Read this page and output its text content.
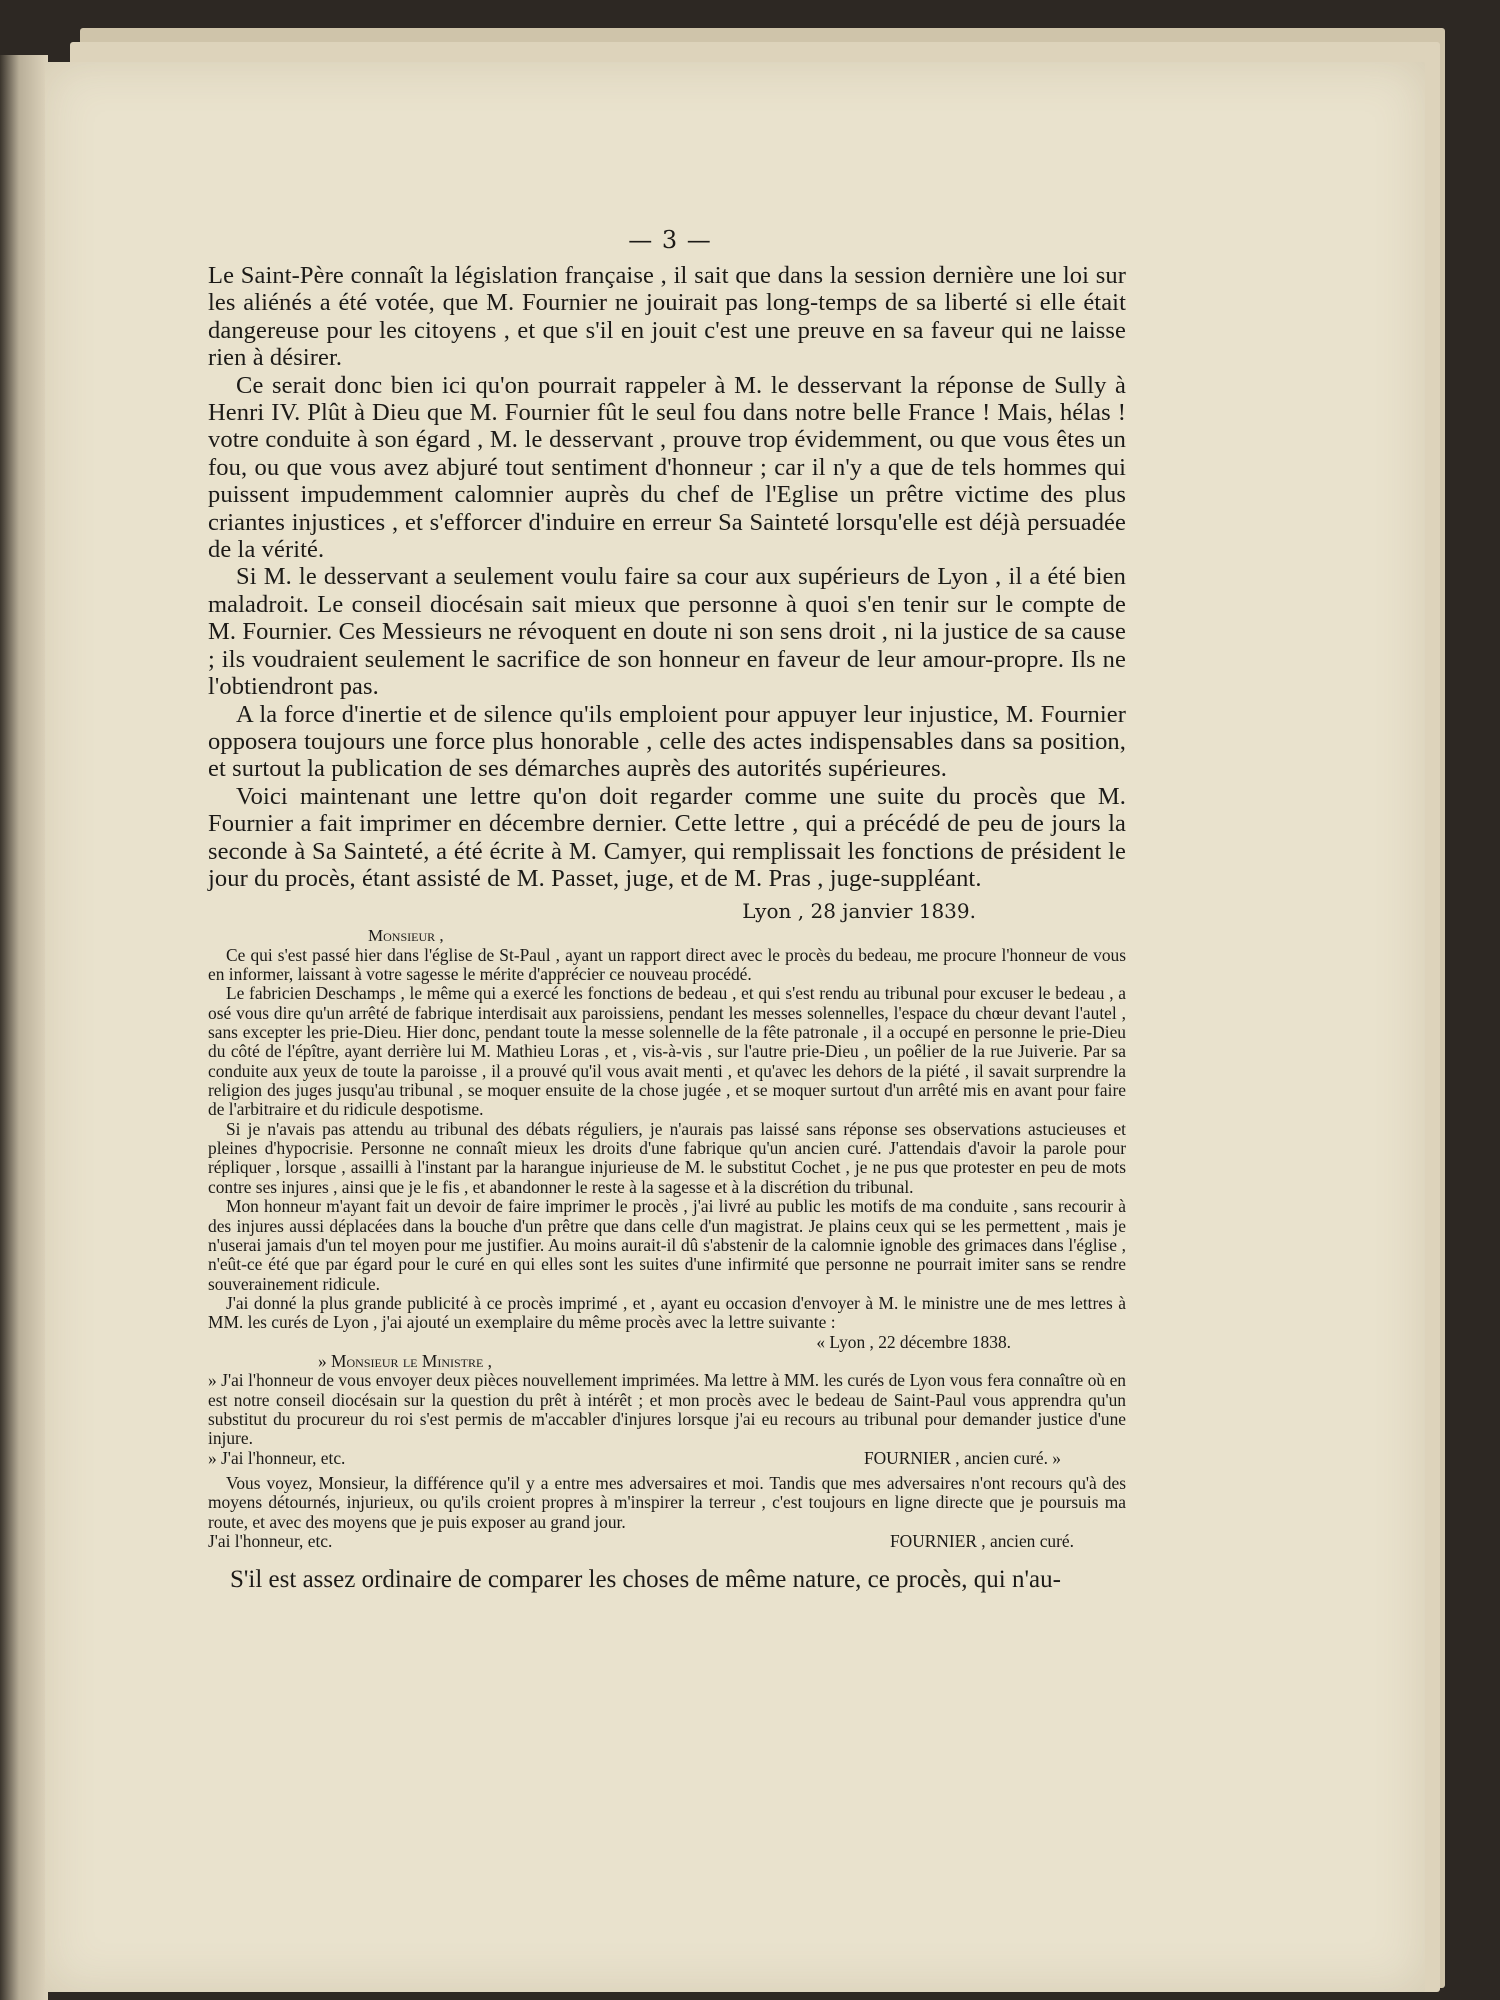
— 3 —

Le Saint-Père connaît la législation française , il sait que dans la session dernière une loi sur les aliénés a été votée, que M. Fournier ne jouirait pas long-temps de sa liberté si elle était dangereuse pour les citoyens , et que s'il en jouit c'est une preuve en sa faveur qui ne laisse rien à désirer.

Ce serait donc bien ici qu'on pourrait rappeler à M. le desservant la réponse de Sully à Henri IV. Plût à Dieu que M. Fournier fût le seul fou dans notre belle France ! Mais, hélas ! votre conduite à son égard , M. le desservant , prouve trop évidemment, ou que vous êtes un fou, ou que vous avez abjuré tout sentiment d'honneur ; car il n'y a que de tels hommes qui puissent impudemment calomnier auprès du chef de l'Eglise un prêtre victime des plus criantes injustices , et s'efforcer d'induire en erreur Sa Sainteté lorsqu'elle est déjà persuadée de la vérité.

Si M. le desservant a seulement voulu faire sa cour aux supérieurs de Lyon , il a été bien maladroit. Le conseil diocésain sait mieux que personne à quoi s'en tenir sur le compte de M. Fournier. Ces Messieurs ne révoquent en doute ni son sens droit , ni la justice de sa cause ; ils voudraient seulement le sacrifice de son honneur en faveur de leur amour-propre. Ils ne l'obtiendront pas.

A la force d'inertie et de silence qu'ils emploient pour appuyer leur injustice, M. Fournier opposera toujours une force plus honorable , celle des actes indispensables dans sa position, et surtout la publication de ses démarches auprès des autorités supérieures.

Voici maintenant une lettre qu'on doit regarder comme une suite du procès que M. Fournier a fait imprimer en décembre dernier. Cette lettre , qui a précédé de peu de jours la seconde à Sa Sainteté, a été écrite à M. Camyer, qui remplissait les fonctions de président le jour du procès, étant assisté de M. Passet, juge, et de M. Pras , juge-suppléant.

Lyon , 28 janvier 1839.

Monsieur ,

Ce qui s'est passé hier dans l'église de St-Paul , ayant un rapport direct avec le procès du bedeau, me procure l'honneur de vous en informer, laissant à votre sagesse le mérite d'apprécier ce nouveau procédé.

Le fabricien Deschamps , le même qui a exercé les fonctions de bedeau , et qui s'est rendu au tribunal pour excuser le bedeau , a osé vous dire qu'un arrêté de fabrique interdisait aux paroissiens, pendant les messes solennelles, l'espace du chœur devant l'autel , sans excepter les prie-Dieu. Hier donc, pendant toute la messe solennelle de la fête patronale , il a occupé en personne le prie-Dieu du côté de l'épître, ayant derrière lui M. Mathieu Loras , et , vis-à-vis , sur l'autre prie-Dieu , un poêlier de la rue Juiverie. Par sa conduite aux yeux de toute la paroisse , il a prouvé qu'il vous avait menti , et qu'avec les dehors de la piété , il savait surprendre la religion des juges jusqu'au tribunal , se moquer ensuite de la chose jugée , et se moquer surtout d'un arrêté mis en avant pour faire de l'arbitraire et du ridicule despotisme.

Si je n'avais pas attendu au tribunal des débats réguliers, je n'aurais pas laissé sans réponse ses observations astucieuses et pleines d'hypocrisie. Personne ne connaît mieux les droits d'une fabrique qu'un ancien curé. J'attendais d'avoir la parole pour répliquer , lorsque , assailli à l'instant par la harangue injurieuse de M. le substitut Cochet , je ne pus que protester en peu de mots contre ses injures , ainsi que je le fis , et abandonner le reste à la sagesse et à la discrétion du tribunal.

Mon honneur m'ayant fait un devoir de faire imprimer le procès , j'ai livré au public les motifs de ma conduite , sans recourir à des injures aussi déplacées dans la bouche d'un prêtre que dans celle d'un magistrat. Je plains ceux qui se les permettent , mais je n'userai jamais d'un tel moyen pour me justifier. Au moins aurait-il dû s'abstenir de la calomnie ignoble des grimaces dans l'église , n'eût-ce été que par égard pour le curé en qui elles sont les suites d'une infirmité que personne ne pourrait imiter sans se rendre souverainement ridicule.

J'ai donné la plus grande publicité à ce procès imprimé , et , ayant eu occasion d'envoyer à M. le ministre une de mes lettres à MM. les curés de Lyon , j'ai ajouté un exemplaire du même procès avec la lettre suivante :

« Lyon , 22 décembre 1838.

» Monsieur le Ministre ,

» J'ai l'honneur de vous envoyer deux pièces nouvellement imprimées. Ma lettre à MM. les curés de Lyon vous fera connaître où en est notre conseil diocésain sur la question du prêt à intérêt ; et mon procès avec le bedeau de Saint-Paul vous apprendra qu'un substitut du procureur du roi s'est permis de m'accabler d'injures lorsque j'ai eu recours au tribunal pour demander justice d'une injure.

» J'ai l'honneur, etc.	FOURNIER , ancien curé. »

Vous voyez, Monsieur, la différence qu'il y a entre mes adversaires et moi. Tandis que mes adversaires n'ont recours qu'à des moyens détournés, injurieux, ou qu'ils croient propres à m'inspirer la terreur , c'est toujours en ligne directe que je poursuis ma route, et avec des moyens que je puis exposer au grand jour.

J'ai l'honneur, etc.	FOURNIER , ancien curé.

S'il est assez ordinaire de comparer les choses de même nature, ce procès, qui n'au-
